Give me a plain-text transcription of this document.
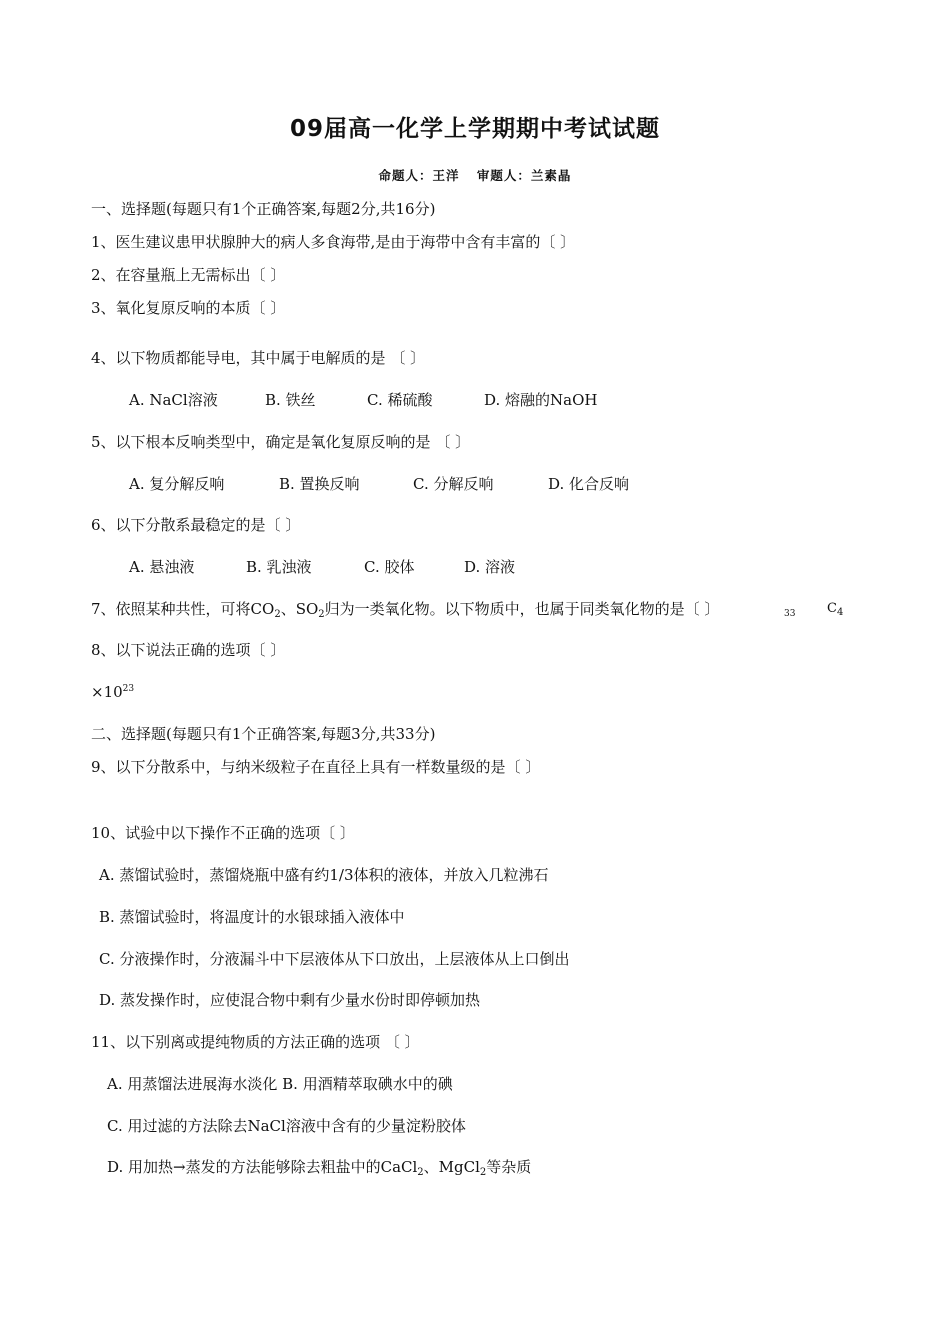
09届高一化学上学期期中考试试题
命题人：王洋 审题人：兰素晶
一、选择题(每题只有1个正确答案,每题2分,共16分)
1、医生建议患甲状腺肿大的病人多食海带,是由于海带中含有丰富的〔 〕
2、在容量瓶上无需标出〔 〕
3、氧化复原反响的本质〔 〕
4、以下物质都能导电，其中属于电解质的是 〔 〕
A. NaCl溶液	B. 铁丝	C. 稀硫酸	D. 熔融的NaOH
5、以下根本反响类型中，确定是氧化复原反响的是 〔 〕
A. 复分解反响	B. 置换反响	C. 分解反响	D. 化合反响
6、以下分散系最稳定的是〔 〕
A. 悬浊液	B. 乳浊液	C. 胶体	D. 溶液
7、依照某种共性，可将$CO_2$、$SO_2$归为一类氧化物。以下物质中，也属于同类氧化物的是〔 〕	33 $C_4$
8、以下说法正确的选项〔 〕
$\times 10^{23}$
二、选择题(每题只有1个正确答案,每题3分,共33分)
9、以下分散系中，与纳米级粒子在直径上具有一样数量级的是〔 〕
10、试验中以下操作不正确的选项〔 〕
A. 蒸馏试验时，蒸馏烧瓶中盛有约1/3体积的液体，并放入几粒沸石
B. 蒸馏试验时，将温度计的水银球插入液体中
C. 分液操作时，分液漏斗中下层液体从下口放出，上层液体从上口倒出
D. 蒸发操作时，应使混合物中剩有少量水份时即停顿加热
11、以下别离或提纯物质的方法正确的选项 〔 〕
A. 用蒸馏法进展海水淡化 B. 用酒精萃取碘水中的碘
C. 用过滤的方法除去NaCl溶液中含有的少量淀粉胶体
D. 用加热→蒸发的方法能够除去粗盐中的CaCl$_2$、MgCl$_2$等杂质
